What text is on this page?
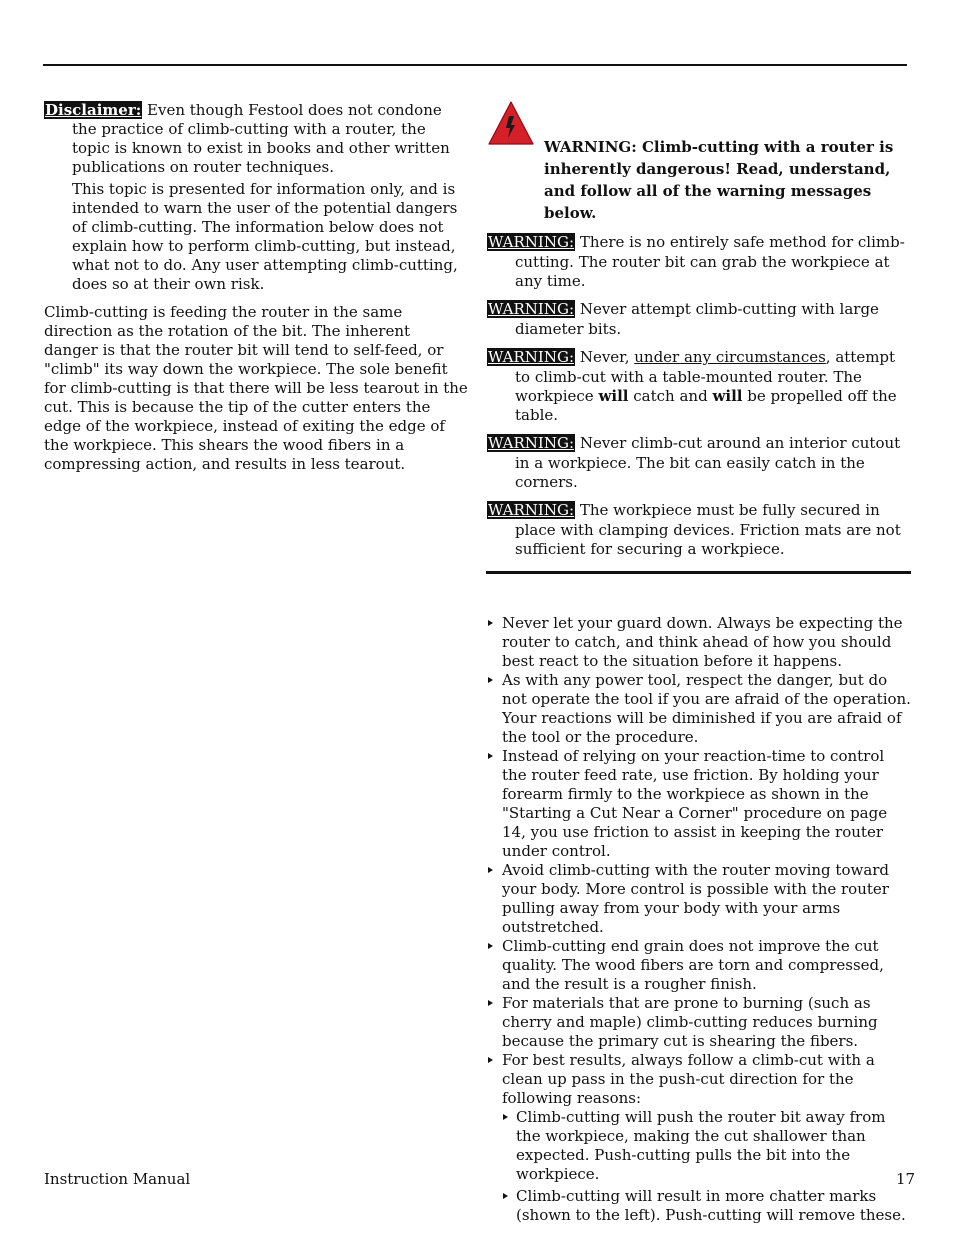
Disclaimer: Even though Festool does not condone the practice of climb-cutting with a router, the topic is known to exist in books and other written publications on router techniques.

This topic is presented for information only, and is intended to warn the user of the potential dangers of climb-cutting. The information below does not explain how to perform climb-cutting, but instead, what not to do. Any user attempting climb-cutting, does so at their own risk.

Climb-cutting is feeding the router in the same direction as the rotation of the bit. The inherent danger is that the router bit will tend to self-feed, or "climb" its way down the workpiece. The sole benefit for climb-cutting is that there will be less tearout in the cut. This is because the tip of the cutter enters the edge of the workpiece, instead of exiting the edge of the workpiece. This shears the wood fibers in a compressing action, and results in less tearout.

WARNING: Climb-cutting with a router is inherently dangerous! Read, understand, and follow all of the warning messages below.

⚠ WARNING: There is no entirely safe method for climb-cutting. The router bit can grab the workpiece at any time.

⚠ WARNING: Never attempt climb-cutting with large diameter bits.

⚠ WARNING: Never, under any circumstances, attempt to climb-cut with a table-mounted router. The workpiece will catch and will be propelled off the table.

⚠ WARNING: Never climb-cut around an interior cutout in a workpiece. The bit can easily catch in the corners.

⚠ WARNING: The workpiece must be fully secured in place with clamping devices. Friction mats are not sufficient for securing a workpiece.

Never let your guard down. Always be expecting the router to catch, and think ahead of how you should best react to the situation before it happens.
As with any power tool, respect the danger, but do not operate the tool if you are afraid of the operation. Your reactions will be diminished if you are afraid of the tool or the procedure.
Instead of relying on your reaction-time to control the router feed rate, use friction. By holding your forearm firmly to the workpiece as shown in the "Starting a Cut Near a Corner" procedure on page 14, you use friction to assist in keeping the router under control.
Avoid climb-cutting with the router moving toward your body. More control is possible with the router pulling away from your body with your arms outstretched.
Climb-cutting end grain does not improve the cut quality. The wood fibers are torn and compressed, and the result is a rougher finish.
For materials that are prone to burning (such as cherry and maple) climb-cutting reduces burning because the primary cut is shearing the fibers.
For best results, always follow a climb-cut with a clean up pass in the push-cut direction for the following reasons:
Climb-cutting will push the router bit away from the workpiece, making the cut shallower than expected. Push-cutting pulls the bit into the workpiece.
Climb-cutting will result in more chatter marks (shown to the left). Push-cutting will remove these.
Instruction Manual	17
